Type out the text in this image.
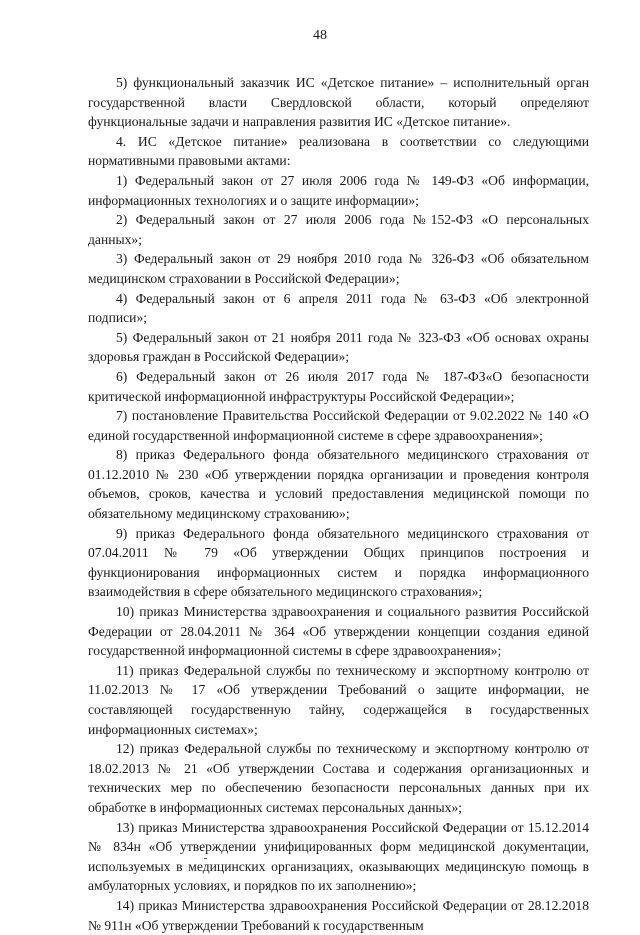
48

5) функциональный заказчик ИС «Детское питание» – исполнительный орган государственной власти Свердловской области, который определяют функциональные задачи и направления развития ИС «Детское питание».

4. ИС «Детское питание» реализована в соответствии со следующими нормативными правовыми актами:

1) Федеральный закон от 27 июля 2006 года № 149-ФЗ «Об информации, информационных технологиях и о защите информации»;

2) Федеральный закон от 27 июля 2006 года №152-ФЗ «О персональных данных»;

3) Федеральный закон от 29 ноября 2010 года № 326-ФЗ «Об обязательном медицинском страховании в Российской Федерации»;

4) Федеральный закон от 6 апреля 2011 года № 63-ФЗ «Об электронной подписи»;

5) Федеральный закон от 21 ноября 2011 года № 323-ФЗ «Об основах охраны здоровья граждан в Российской Федерации»;

6) Федеральный закон от 26 июля 2017 года № 187-ФЗ«О безопасности критической информационной инфраструктуры Российской Федерации»;

7) постановление Правительства Российской Федерации от 9.02.2022 № 140 «О единой государственной информационной системе в сфере здравоохранения»;

8) приказ Федерального фонда обязательного медицинского страхования от 01.12.2010 № 230 «Об утверждении порядка организации и проведения контроля объемов, сроков, качества и условий предоставления медицинской помощи по обязательному медицинскому страхованию»;

9) приказ Федерального фонда обязательного медицинского страхования от 07.04.2011 № 79 «Об утверждении Общих принципов построения и функционирования информационных систем и порядка информационного взаимодействия в сфере обязательного медицинского страхования»;

10) приказ Министерства здравоохранения и социального развития Российской Федерации от 28.04.2011 № 364 «Об утверждении концепции создания единой государственной информационной системы в сфере здравоохранения»;

11) приказ Федеральной службы по техническому и экспортному контролю от 11.02.2013 № 17 «Об утверждении Требований о защите информации, не составляющей государственную тайну, содержащейся в государственных информационных системах»;

12) приказ Федеральной службы по техническому и экспортному контролю от 18.02.2013 № 21 «Об утверждении Состава и содержания организационных и технических мер по обеспечению безопасности персональных данных при их обработке в информационных системах персональных данных»;

13) приказ Министерства здравоохранения Российской Федерации от 15.12.2014 № 834н «Об утверждении унифицированных форм медицинской документации, используемых в медицинских организациях, оказывающих медицинскую помощь в амбулаторных условиях, и порядков по их заполнению»;

14) приказ Министерства здравоохранения Российской Федерации от 28.12.2018 № 911н «Об утверждении Требований к государственным
